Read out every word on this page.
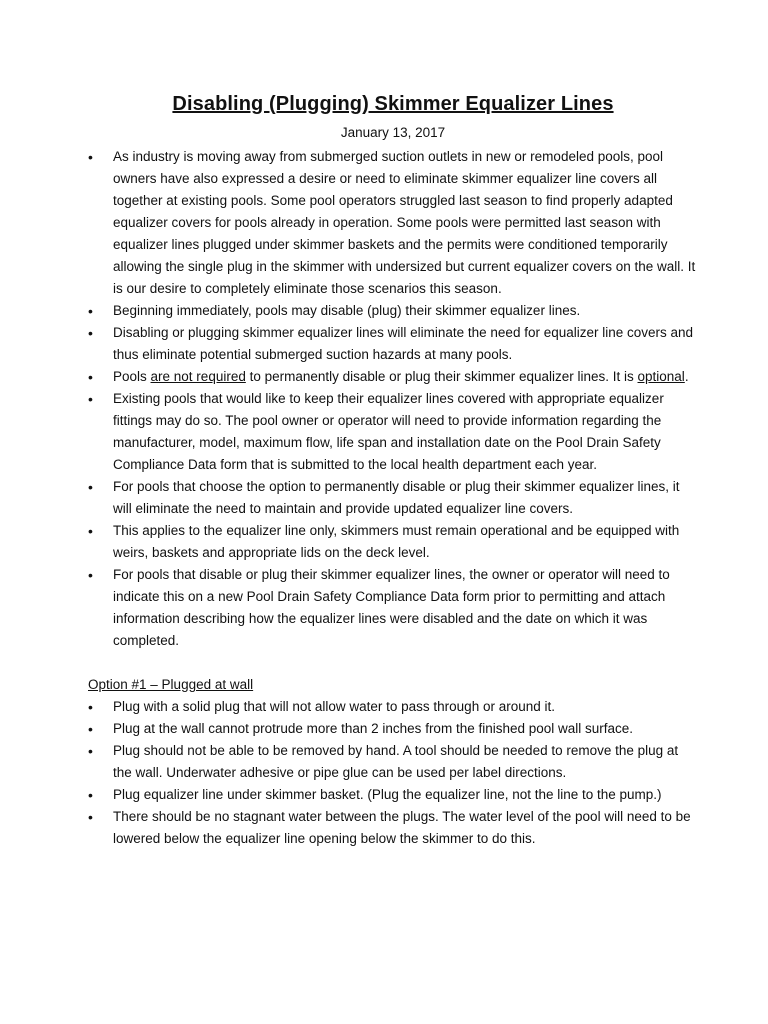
Disabling (Plugging) Skimmer Equalizer Lines
January 13, 2017
• As industry is moving away from submerged suction outlets in new or remodeled pools, pool owners have also expressed a desire or need to eliminate skimmer equalizer line covers all together at existing pools. Some pool operators struggled last season to find properly adapted equalizer covers for pools already in operation. Some pools were permitted last season with equalizer lines plugged under skimmer baskets and the permits were conditioned temporarily allowing the single plug in the skimmer with undersized but current equalizer covers on the wall. It is our desire to completely eliminate those scenarios this season.
• Beginning immediately, pools may disable (plug) their skimmer equalizer lines.
• Disabling or plugging skimmer equalizer lines will eliminate the need for equalizer line covers and thus eliminate potential submerged suction hazards at many pools.
• Pools are not required to permanently disable or plug their skimmer equalizer lines. It is optional.
• Existing pools that would like to keep their equalizer lines covered with appropriate equalizer fittings may do so. The pool owner or operator will need to provide information regarding the manufacturer, model, maximum flow, life span and installation date on the Pool Drain Safety Compliance Data form that is submitted to the local health department each year.
• For pools that choose the option to permanently disable or plug their skimmer equalizer lines, it will eliminate the need to maintain and provide updated equalizer line covers.
• This applies to the equalizer line only, skimmers must remain operational and be equipped with weirs, baskets and appropriate lids on the deck level.
• For pools that disable or plug their skimmer equalizer lines, the owner or operator will need to indicate this on a new Pool Drain Safety Compliance Data form prior to permitting and attach information describing how the equalizer lines were disabled and the date on which it was completed.
Option #1 – Plugged at wall
• Plug with a solid plug that will not allow water to pass through or around it.
• Plug at the wall cannot protrude more than 2 inches from the finished pool wall surface.
• Plug should not be able to be removed by hand. A tool should be needed to remove the plug at the wall. Underwater adhesive or pipe glue can be used per label directions.
• Plug equalizer line under skimmer basket. (Plug the equalizer line, not the line to the pump.)
• There should be no stagnant water between the plugs. The water level of the pool will need to be lowered below the equalizer line opening below the skimmer to do this.
